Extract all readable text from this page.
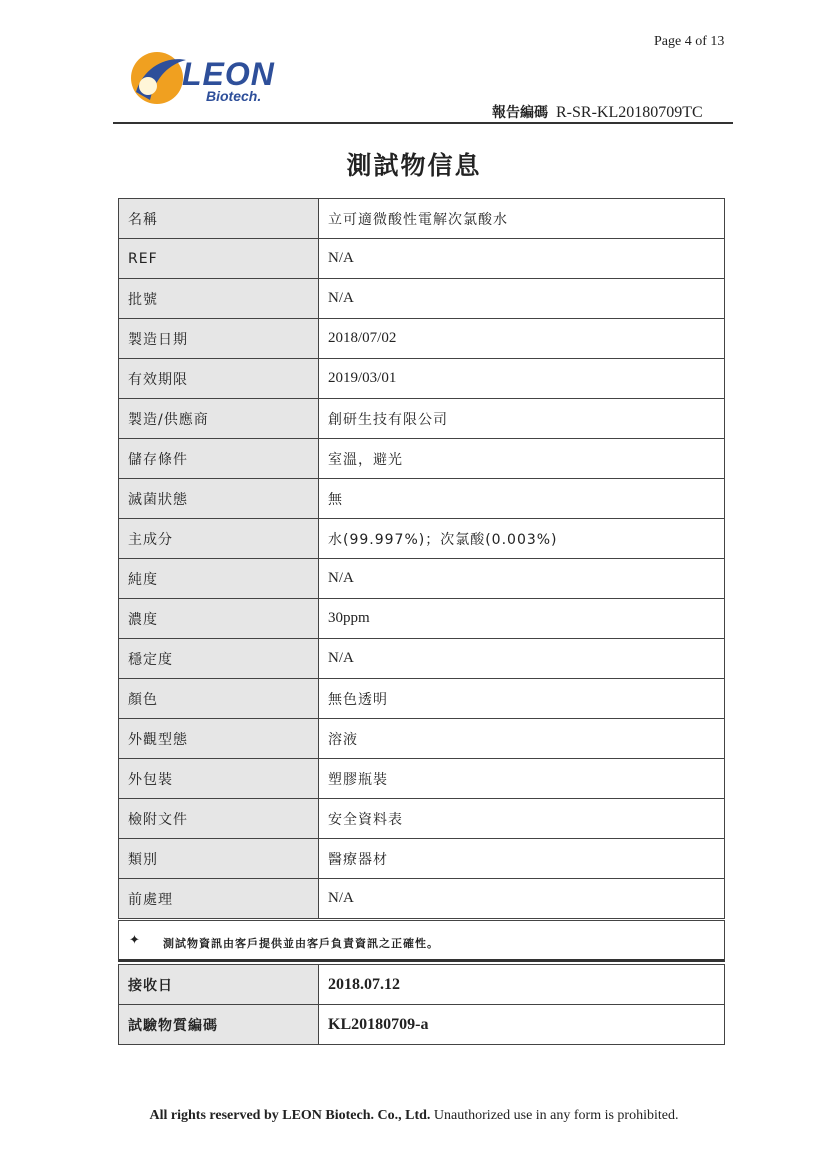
Page 4 of 13
LEON
Biotech.
報告編碼 R-SR-KL20180709TC
測試物信息
名稱	立可適微酸性電解次氯酸水
REF	N/A
批號	N/A
製造日期	2018/07/02
有效期限	2019/03/01
製造/供應商	創研生技有限公司
儲存條件	室溫，避光
滅菌狀態	無
主成分	水(99.997%)；次氯酸(0.003%)
純度	N/A
濃度	30ppm
穩定度	N/A
顏色	無色透明
外觀型態	溶液
外包裝	塑膠瓶裝
檢附文件	安全資料表
類別	醫療器材
前處理	N/A
✦ 測試物資訊由客戶提供並由客戶負責資訊之正確性。
接收日	2018.07.12
試驗物質編碼	KL20180709-a
All rights reserved by LEON Biotech. Co., Ltd. Unauthorized use in any form is prohibited.
